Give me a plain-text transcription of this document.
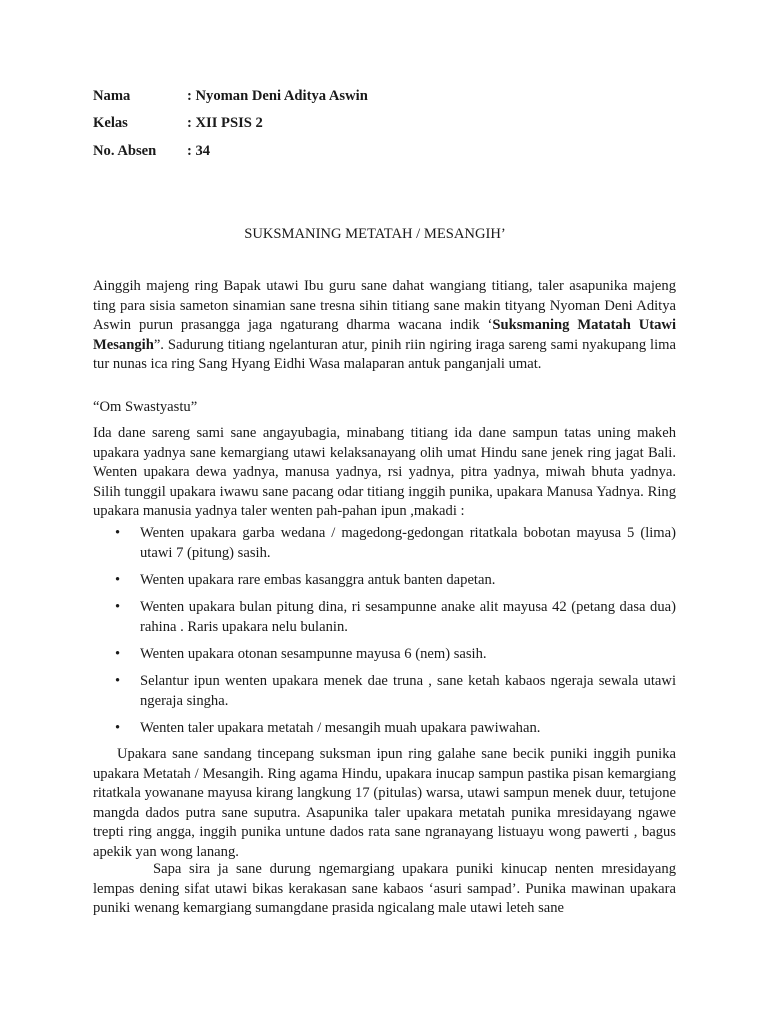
Nama	: Nyoman Deni Aditya Aswin
Kelas	: XII PSIS 2
No. Absen : 34
SUKSMANING METATAH / MESANGIH’
Ainggih majeng ring Bapak utawi Ibu guru sane dahat wangiang titiang, taler asapunika majeng ting para sisia sameton sinamian sane tresna sihin titiang sane makin tityang Nyoman Deni Aditya Aswin purun prasangga jaga ngaturang dharma wacana indik ‘Suksmaning Matatah Utawi Mesangih”. Sadurung titiang ngelanturan atur, pinih riin ngiring iraga sareng sami nyakupang lima tur nunas ica ring Sang Hyang Eidhi Wasa malaparan antuk panganjali umat.
“Om Swastyastu”
Ida dane sareng sami sane angayubagia, minabang titiang ida dane sampun tatas uning makeh upakara yadnya sane kemargiang utawi kelaksanayang olih umat Hindu sane jenek ring jagat Bali. Wenten upakara dewa yadnya, manusa yadnya, rsi yadnya, pitra yadnya, miwah bhuta yadnya. Silih tunggil upakara iwawu sane pacang odar titiang inggih punika, upakara Manusa Yadnya. Ring upakara manusia yadnya taler wenten pah-pahan ipun ,makadi :
• Wenten upakara garba wedana / magedong-gedongan ritatkala bobotan mayusa 5 (lima) utawi 7 (pitung) sasih.
• Wenten upakara rare embas kasanggra antuk banten dapetan.
• Wenten upakara bulan pitung dina, ri sesampunne anake alit mayusa 42 (petang dasa dua) rahina . Raris upakara nelu bulanin.
• Wenten upakara otonan sesampunne mayusa 6 (nem) sasih.
• Selantur ipun wenten upakara menek dae truna , sane ketah kabaos ngeraja sewala utawi ngeraja singha.
• Wenten taler upakara metatah / mesangih muah upakara pawiwahan.
Upakara sane sandang tincepang suksman ipun ring galahe sane becik puniki inggih punika upakara Metatah / Mesangih. Ring agama Hindu, upakara inucap sampun pastika pisan kemargiang ritatkala yowanane mayusa kirang langkung 17 (pitulas) warsa, utawi sampun menek duur, tetujone mangda dados putra sane suputra. Asapunika taler upakara metatah punika mresidayang ngawe trepti ring angga, inggih punika untune dados rata sane ngranayang listuayu wong pawerti , bagus apekik yan wong lanang.
Sapa sira ja sane durung ngemargiang upakara puniki kinucap nenten mresidayang lempas dening sifat utawi bikas kerakasan sane kabaos ‘asuri sampad’. Punika mawinan upakara puniki wenang kemargiang sumangdane prasida ngicalang male utawi leteh sane
